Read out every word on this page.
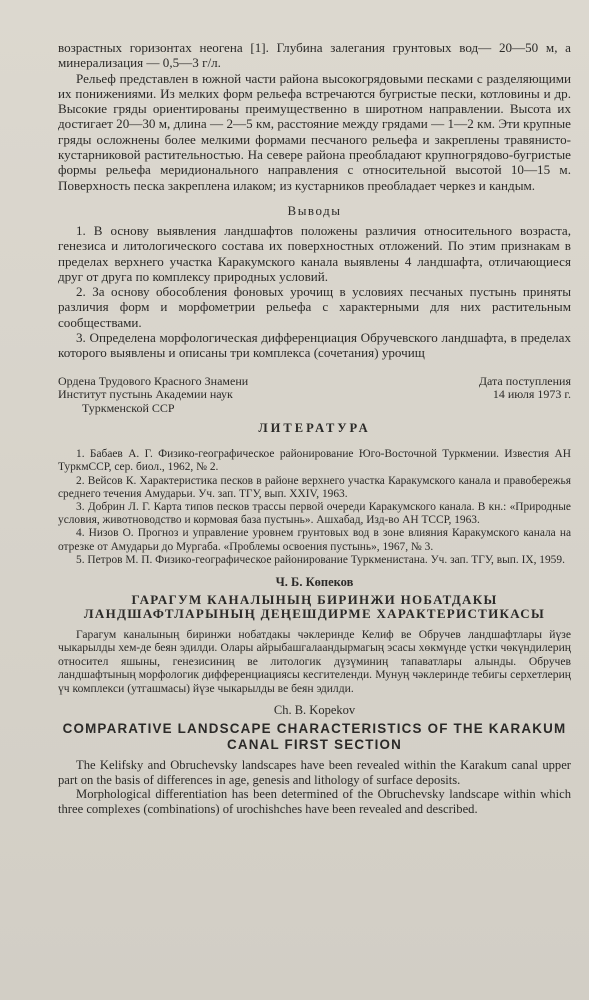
возрастных горизонтах неогена [1]. Глубина залегания грунтовых вод— 20—50 м, а минерализация — 0,5—3 г/л.

Рельеф представлен в южной части района высокогрядовыми песками с разделяющими их понижениями. Из мелких форм рельефа встречаются бугристые пески, котловины и др. Высокие гряды ориентированы преимущественно в широтном направлении. Высота их достигает 20—30 м, длина — 2—5 км, расстояние между грядами — 1—2 км. Эти крупные гряды осложнены более мелкими формами песчаного рельефа и закреплены травянисто-кустарниковой растительностью. На севере района преобладают крупногрядово-бугристые формы рельефа меридионального направления с относительной высотой 10—15 м. Поверхность песка закреплена илаком; из кустарников преобладает черкез и кандым.

Выводы

1. В основу выявления ландшафтов положены различия относительного возраста, генезиса и литологического состава их поверхностных отложений. По этим признакам в пределах верхнего участка Каракумского канала выявлены 4 ландшафта, отличающиеся друг от друга по комплексу природных условий.

2. За основу обособления фоновых урочищ в условиях песчаных пустынь приняты различия форм и морфометрии рельефа с характерными для них растительным сообществами.

3. Определена морфологическая дифференциация Обручевского ландшафта, в пределах которого выявлены и описаны три комплекса (сочетания) урочищ

Ордена Трудового Красного Знамени
Институт пустынь Академии наук
Туркменской ССР
Дата поступления
14 июля 1973 г.
ЛИТЕРАТУРА

1. Бабаев А. Г. Физико-географическое районирование Юго-Восточной Туркмении. Известия АН ТуркмССР, сер. биол., 1962, № 2.

2. Вейсов К. Характеристика песков в районе верхнего участка Каракумского канала и правобережья среднего течения Амударьи. Уч. зап. ТГУ, вып. XXIV, 1963.

3. Добрин Л. Г. Карта типов песков трассы первой очереди Каракумского канала. В кн.: «Природные условия, животноводство и кормовая база пустынь». Ашхабад, Изд-во АН ТССР, 1963.

4. Низов О. Прогноз и управление уровнем грунтовых вод в зоне влияния Каракумского канала на отрезке от Амударьи до Мургаба. «Проблемы освоения пустынь», 1967, № 3.

5. Петров М. П. Физико-географическое районирование Туркменистана. Уч. зап. ТГУ, вып. IX, 1959.

Ч. Б. Көпеков
ГАРАГУМ КАНАЛЫНЫҢ БИРИНЖИ НОБАТДАКЫ ЛАНДШАФТЛАРЫНЫҢ ДЕҢЕШДИРМЕ ХАРАКТЕРИСТИКАСЫ

Гарагум каналының биринжи нобатдакы чәклеринде Келиф ве Обручев ландшафтлары йүзе чыкарылды хем-де беян эдилди. Олары айрыбашгалаандырмагың эсасы хөкмүнде үстки чөкүндилериң относител яшыны, генезисиниң ве литологик дүзүминиң тапаватлары алынды. Обручев ландшафтының морфологик дифференциациясы кесгителенди. Мунуң чәклеринде тебигы серхетлериң үч комплекси (утгашмасы) йүзе чыкарылды ве беян эдилди.

Ch. B. Kopekov
COMPARATIVE LANDSCAPE CHARACTERISTICS OF THE KARAKUM CANAL FIRST SECTION

The Kelifsky and Obruchevsky landscapes have been revealed within the Karakum canal upper part on the basis of differences in age, genesis and lithology of surface deposits.

Morphological differentiation has been determined of the Obruchevsky landscape within which three complexes (combinations) of urochishches have been revealed and described.
